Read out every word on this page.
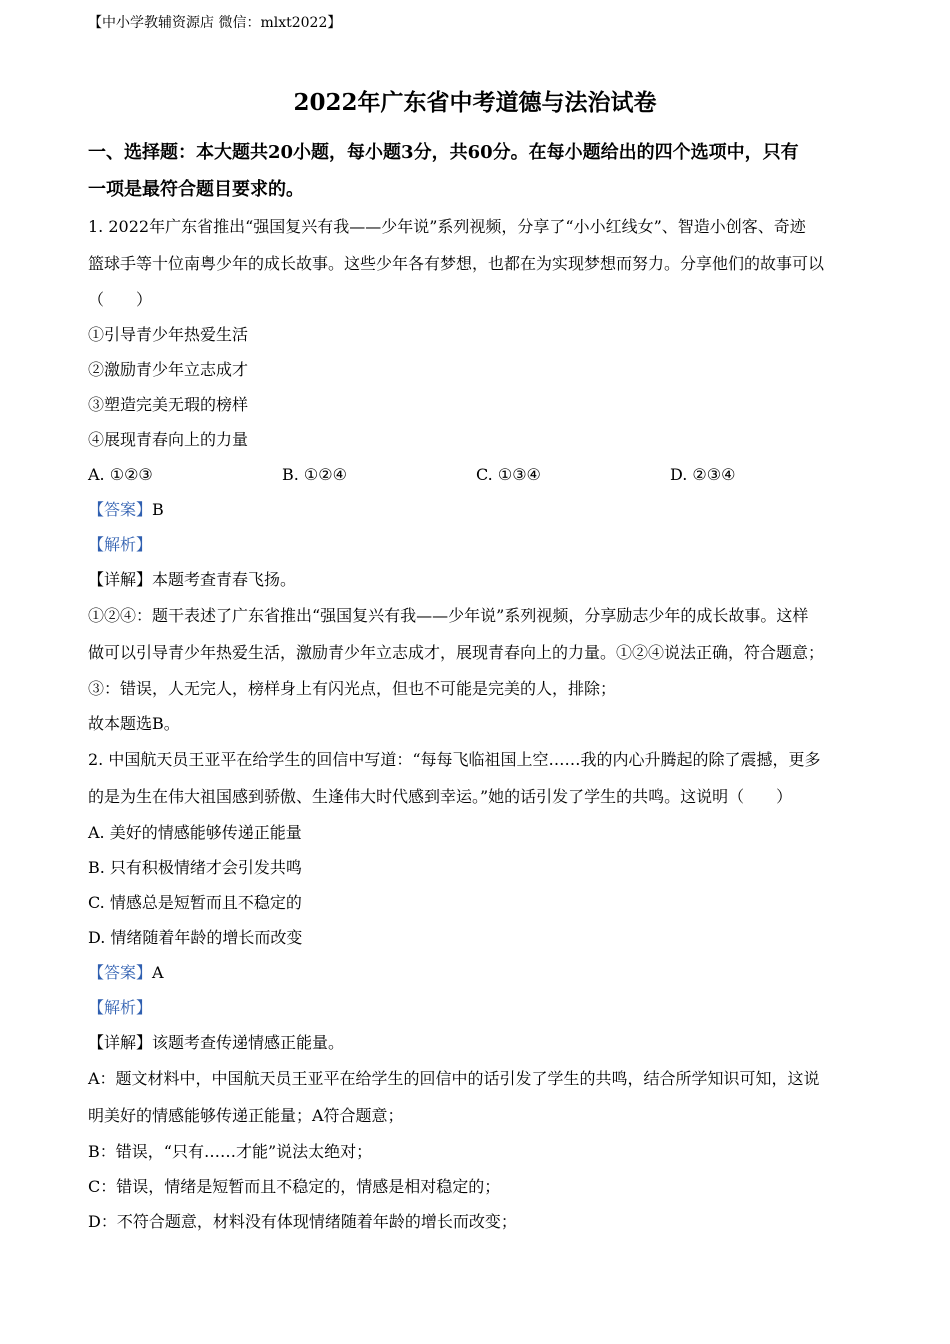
【中小学教辅资源店 微信：mlxt2022】
2022年广东省中考道德与法治试卷
一、选择题：本大题共20小题，每小题3分，共60分。在每小题给出的四个选项中，只有
一项是最符合题目要求的。
1. 2022年广东省推出“强国复兴有我——少年说”系列视频，分享了“小小红线女”、智造小创客、奇迹
篮球手等十位南粤少年的成长故事。这些少年各有梦想，也都在为实现梦想而努力。分享他们的故事可以
（　　）
①引导青少年热爱生活
②激励青少年立志成才
③塑造完美无瑕的榜样
④展现青春向上的力量
A. ①②③	B. ①②④	C. ①③④	D. ②③④
【答案】B
【解析】
【详解】本题考查青春飞扬。
①②④：题干表述了广东省推出“强国复兴有我——少年说”系列视频，分享励志少年的成长故事。这样
做可以引导青少年热爱生活，激励青少年立志成才，展现青春向上的力量。①②④说法正确，符合题意；
③：错误，人无完人，榜样身上有闪光点，但也不可能是完美的人，排除；
故本题选B。
2. 中国航天员王亚平在给学生的回信中写道：“每每飞临祖国上空……我的内心升腾起的除了震撼，更多
的是为生在伟大祖国感到骄傲、生逢伟大时代感到幸运。”她的话引发了学生的共鸣。这说明（　　）
A. 美好的情感能够传递正能量
B. 只有积极情绪才会引发共鸣
C. 情感总是短暂而且不稳定的
D. 情绪随着年龄的增长而改变
【答案】A
【解析】
【详解】该题考查传递情感正能量。
A：题文材料中，中国航天员王亚平在给学生的回信中的话引发了学生的共鸣，结合所学知识可知，这说
明美好的情感能够传递正能量；A符合题意；
B：错误，“只有……才能”说法太绝对；
C：错误，情绪是短暂而且不稳定的，情感是相对稳定的；
D：不符合题意，材料没有体现情绪随着年龄的增长而改变；
